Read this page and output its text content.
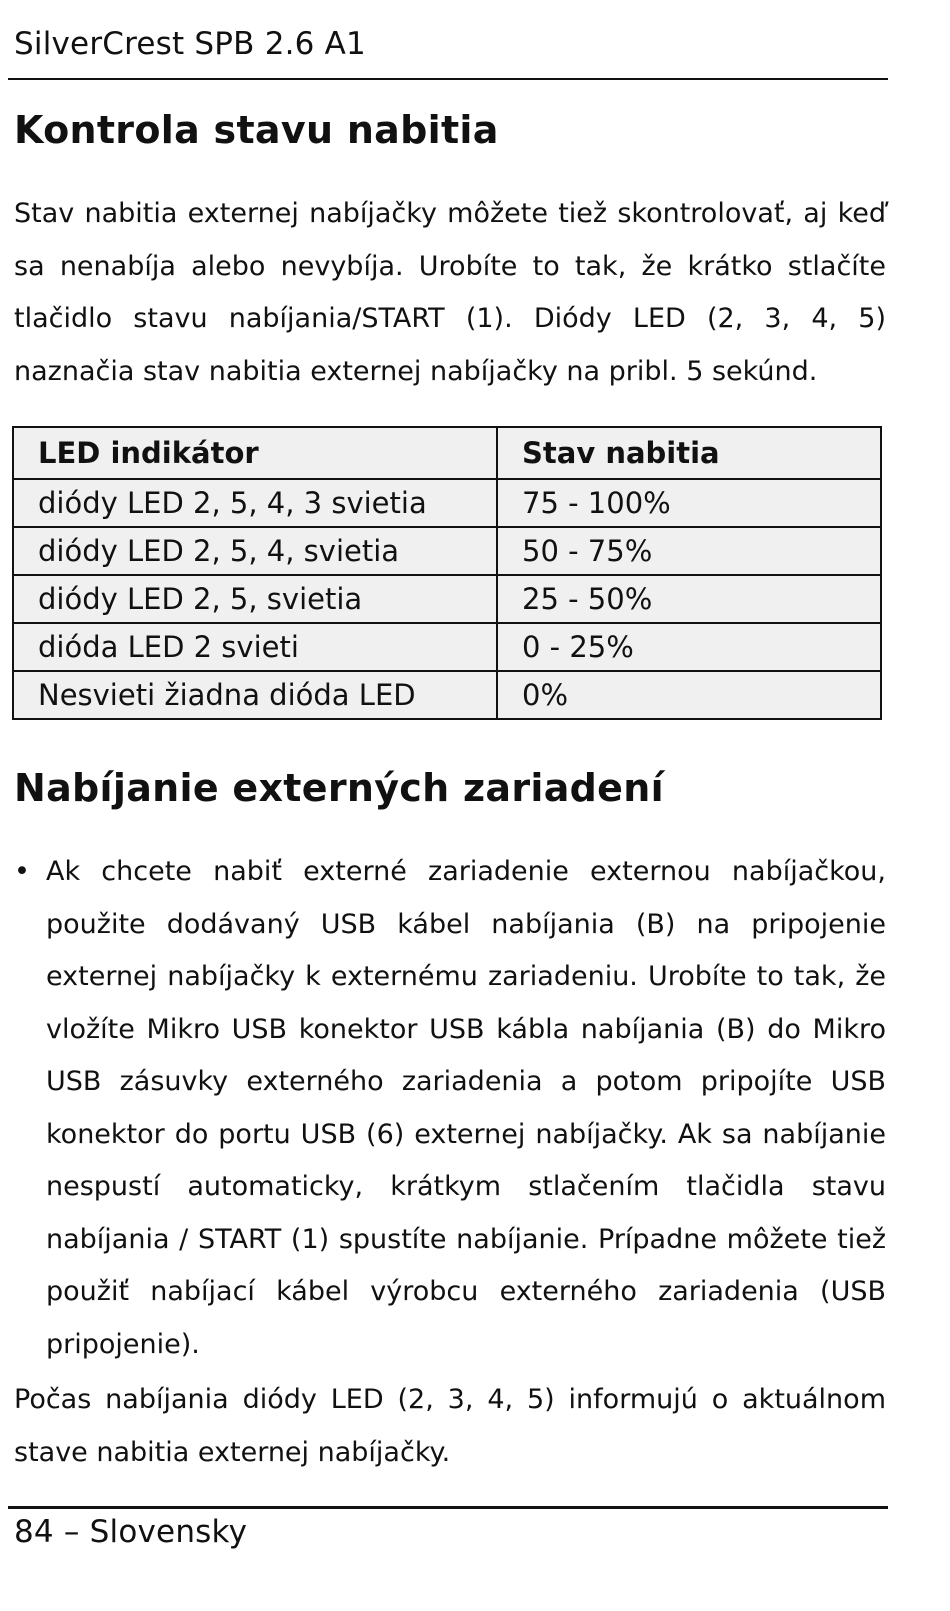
SilverCrest SPB 2.6 A1
Kontrola stavu nabitia

Stav nabitia externej nabíjačky môžete tiež skontrolovať, aj keď sa nenabíja alebo nevybíja. Urobíte to tak, že krátko stlačíte tlačidlo stavu nabíjania/START (1). Diódy LED (2, 3, 4, 5) naznačia stav nabitia externej nabíjačky na pribl. 5 sekúnd.

LED indikátor	Stav nabitia
diódy LED 2, 5, 4, 3 svietia	75 - 100%
diódy LED 2, 5, 4, svietia	50 - 75%
diódy LED 2, 5, svietia	25 - 50%
dióda LED 2 svieti	0 - 25%
Nesvieti žiadna dióda LED	0%
Nabíjanie externých zariadení
• Ak chcete nabiť externé zariadenie externou nabíjačkou, použite dodávaný USB kábel nabíjania (B) na pripojenie externej nabíjačky k externému zariadeniu. Urobíte to tak, že vložíte Mikro USB konektor USB kábla nabíjania (B) do Mikro USB zásuvky externého zariadenia a potom pripojíte USB konektor do portu USB (6) externej nabíjačky. Ak sa nabíjanie nespustí automaticky, krátkym stlačením tlačidla stavu nabíjania / START (1) spustíte nabíjanie. Prípadne môžete tiež použiť nabíjací kábel výrobcu externého zariadenia (USB pripojenie).

Počas nabíjania diódy LED (2, 3, 4, 5) informujú o aktuálnom stave nabitia externej nabíjačky.

84 – Slovensky
